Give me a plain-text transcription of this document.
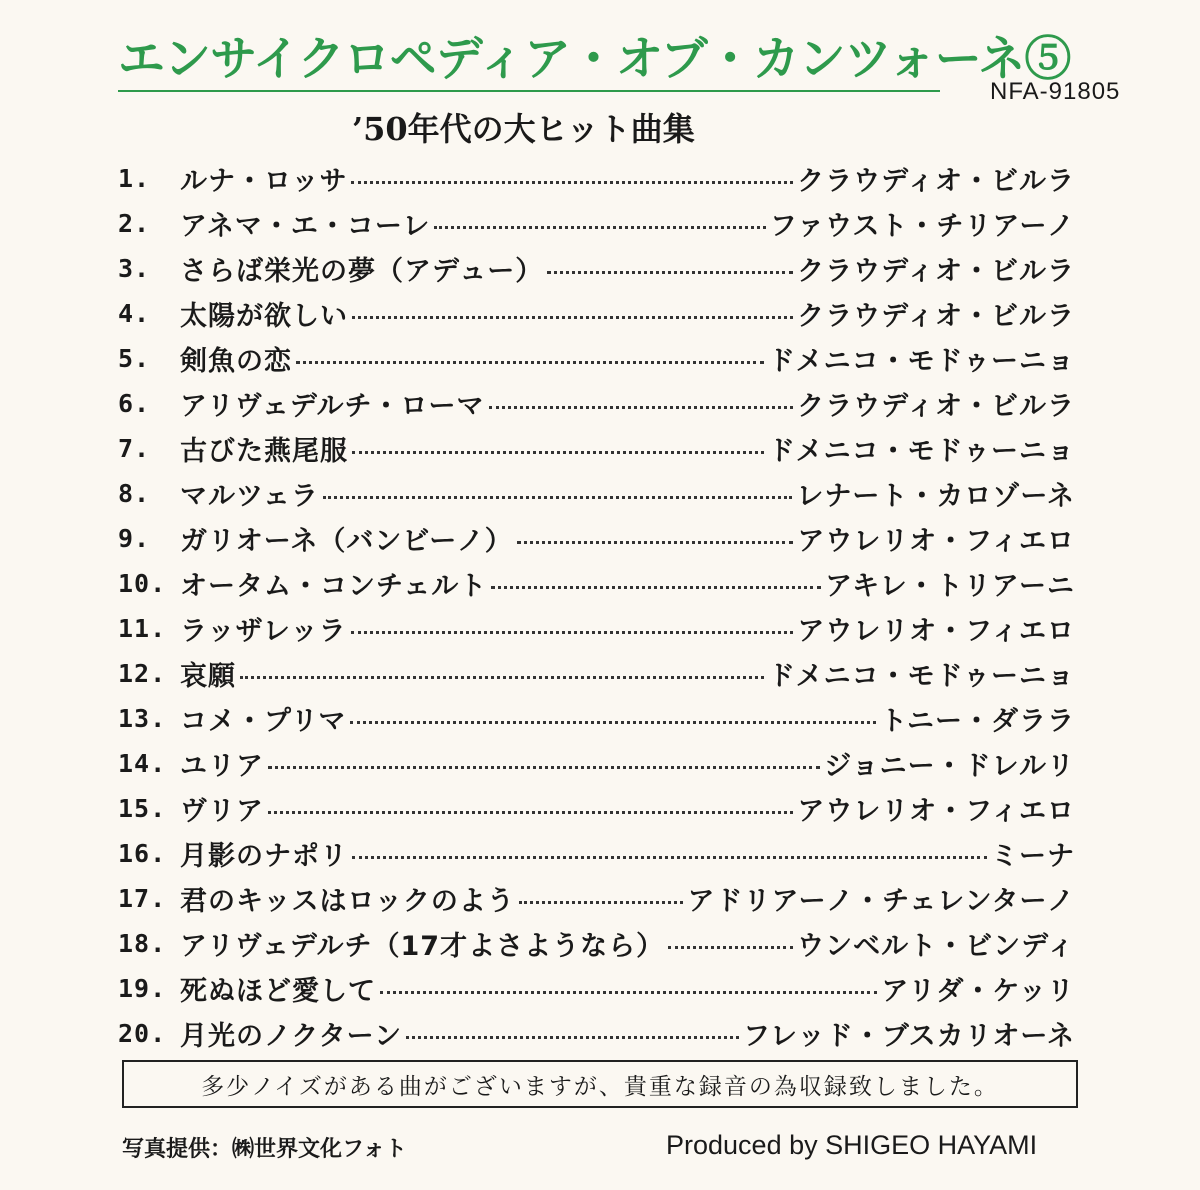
エンサイクロペディア・オブ・カンツォーネ⑤
NFA-91805
’50年代の大ヒット曲集
1.	ルナ・ロッサ	クラウディオ・ビルラ
2.	アネマ・エ・コーレ	ファウスト・チリアーノ
3.	さらば栄光の夢（アデュー）	クラウディオ・ビルラ
4.	太陽が欲しい	クラウディオ・ビルラ
5.	剣魚の恋	ドメニコ・モドゥーニョ
6.	アリヴェデルチ・ローマ	クラウディオ・ビルラ
7.	古びた燕尾服	ドメニコ・モドゥーニョ
8.	マルツェラ	レナート・カロゾーネ
9.	ガリオーネ（バンビーノ）	アウレリオ・フィエロ
10. オータム・コンチェルト	アキレ・トリアーニ
11. ラッザレッラ	アウレリオ・フィエロ
12. 哀願	ドメニコ・モドゥーニョ
13. コメ・プリマ	トニー・ダララ
14. ユリア	ジョニー・ドレルリ
15. ヴリア	アウレリオ・フィエロ
16. 月影のナポリ	ミーナ
17. 君のキッスはロックのよう	アドリアーノ・チェレンターノ
18. アリヴェデルチ（17才よさようなら）	ウンベルト・ビンディ
19. 死ぬほど愛して	アリダ・ケッリ
20. 月光のノクターン	フレッド・ブスカリオーネ
多少ノイズがある曲がございますが、貴重な録音の為収録致しました。
写真提供：㈱世界文化フォト	Produced by SHIGEO HAYAMI
